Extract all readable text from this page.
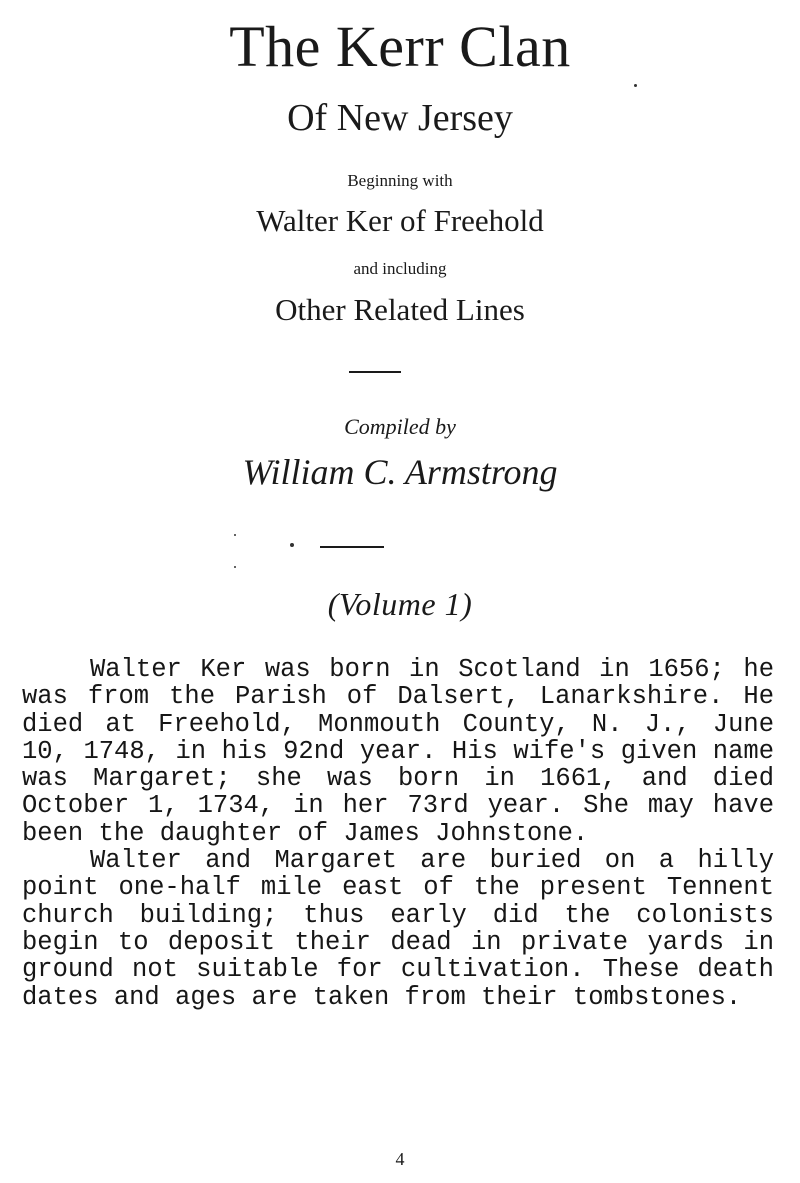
The Kerr Clan
Of New Jersey
Beginning with
Walter Ker of Freehold
and including
Other Related Lines
Compiled by
William C. Armstrong
(Volume 1)

Walter Ker was born in Scotland in 1656; he was from the Parish of Dalsert, Lanarkshire. He died at Freehold, Monmouth County, N. J., June 10, 1748, in his 92nd year. His wife's given name was Margaret; she was born in 1661, and died October 1, 1734, in her 73rd year. She may have been the daughter of James Johnstone.

Walter and Margaret are buried on a hilly point one-half mile east of the present Tennent church building; thus early did the colonists begin to deposit their dead in private yards in ground not suitable for cultivation. These death dates and ages are taken from their tombstones.

4
